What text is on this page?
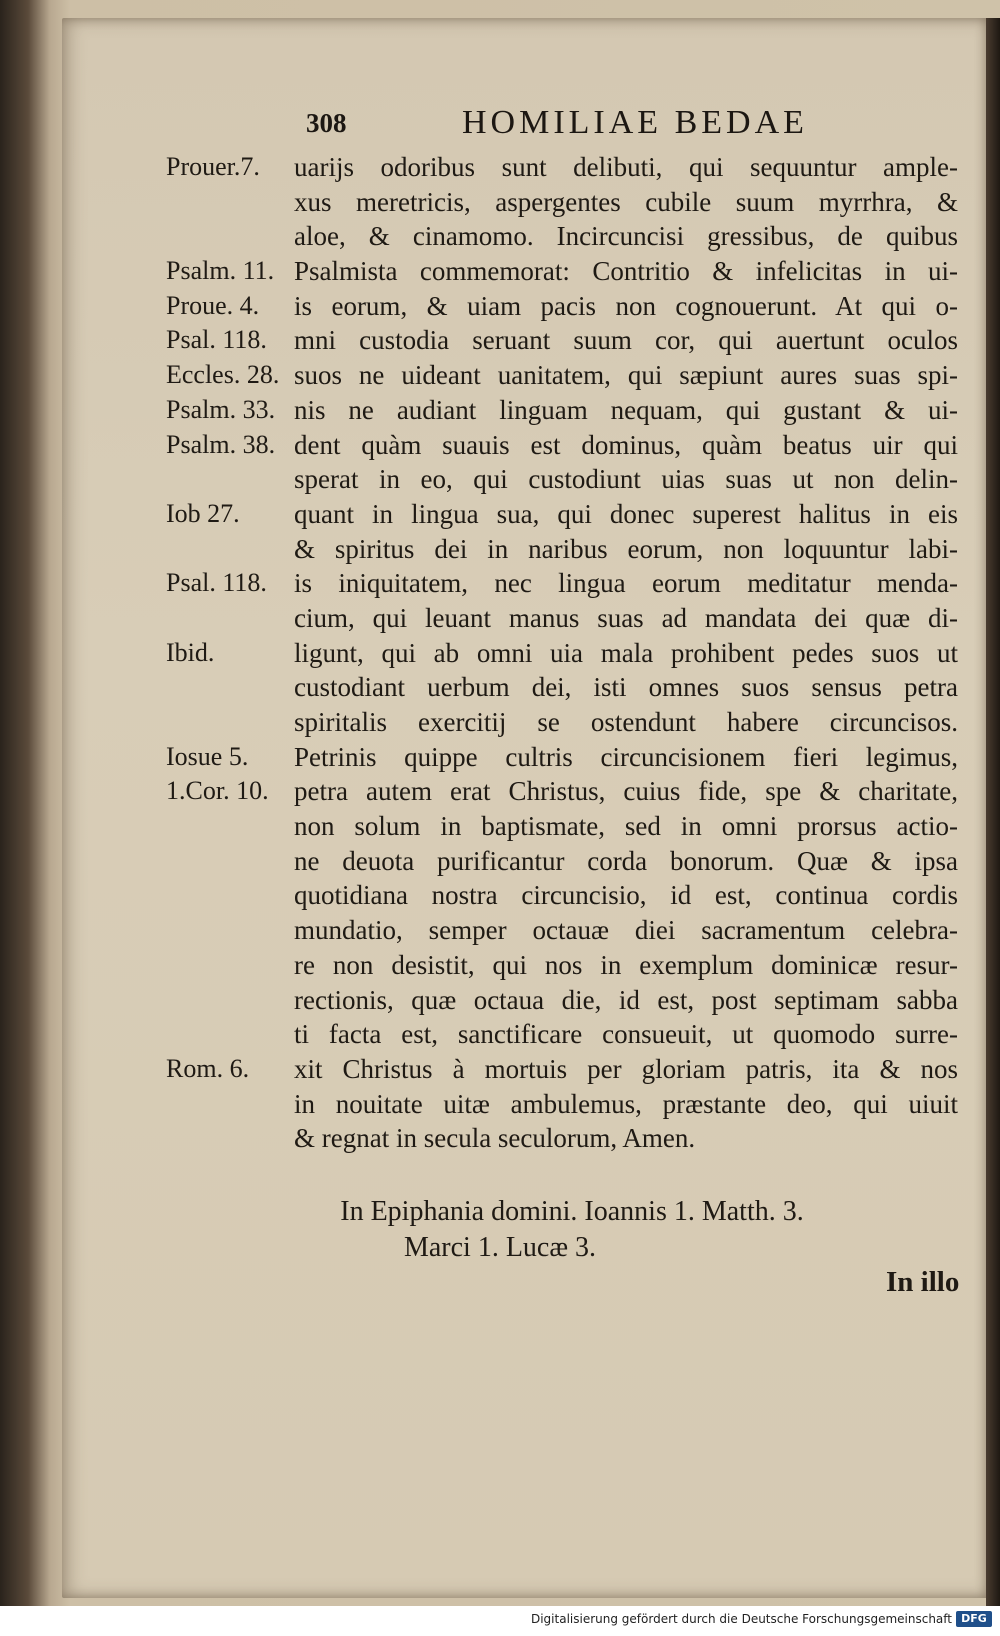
308	HOMILIAE BEDAE
Prouer.7. uarijs odoribus sunt delibuti, qui sequuntur ample-
xus meretricis, aspergentes cubile suum myrrhra, &
aloe, & cinamomo. Incircuncisi gressibus, de quibus
Psalm. 11. Psalmista commemorat: Contritio & infelicitas in ui-
Proue. 4. is eorum, & uiam pacis non cognouerunt. At qui o-
Psal. 118. mni custodia seruant suum cor, qui auertunt oculos
Eccles. 28. suos ne uideant uanitatem, qui sæpiunt aures suas spi-
Psalm. 33. nis ne audiant linguam nequam, qui gustant & ui-
Psalm. 38. dent quàm suauis est dominus, quàm beatus uir qui
sperat in eo, qui custodiunt uias suas ut non delin-
Iob 27. quant in lingua sua, qui donec superest halitus in eis
& spiritus dei in naribus eorum, non loquuntur labi-
Psal. 118. is iniquitatem, nec lingua eorum meditatur menda-
cium, qui leuant manus suas ad mandata dei quæ di-
Ibid.	ligunt, qui ab omni uia mala prohibent pedes suos ut
custodiant uerbum dei, isti omnes suos sensus petra
spiritalis exercitij se ostendunt habere circuncisos.
Iosue 5. Petrinis quippe cultris circuncisionem fieri legimus,
1.Cor. 10. petra autem erat Christus, cuius fide, spe & charitate,
non solum in baptismate, sed in omni prorsus actio-
ne deuota purificantur corda bonorum. Quæ & ipsa
quotidiana nostra circuncisio, id est, continua cordis
mundatio, semper octauæ diei sacramentum celebra-
re non desistit, qui nos in exemplum dominicæ resur-
rectionis, quæ octaua die, id est, post septimam sabba
ti facta est, sanctificare consueuit, ut quomodo surre-
Rom. 6. xit Christus à mortuis per gloriam patris, ita & nos
in nouitate uitæ ambulemus, præstante deo, qui uiuit
& regnat in secula seculorum, Amen.
In Epiphania domini. Ioannis 1. Matth. 3.
Marci 1. Lucæ 3.
In illo
Digitalisierung gefördert durch die Deutsche Forschungsgemeinschaft DFG
